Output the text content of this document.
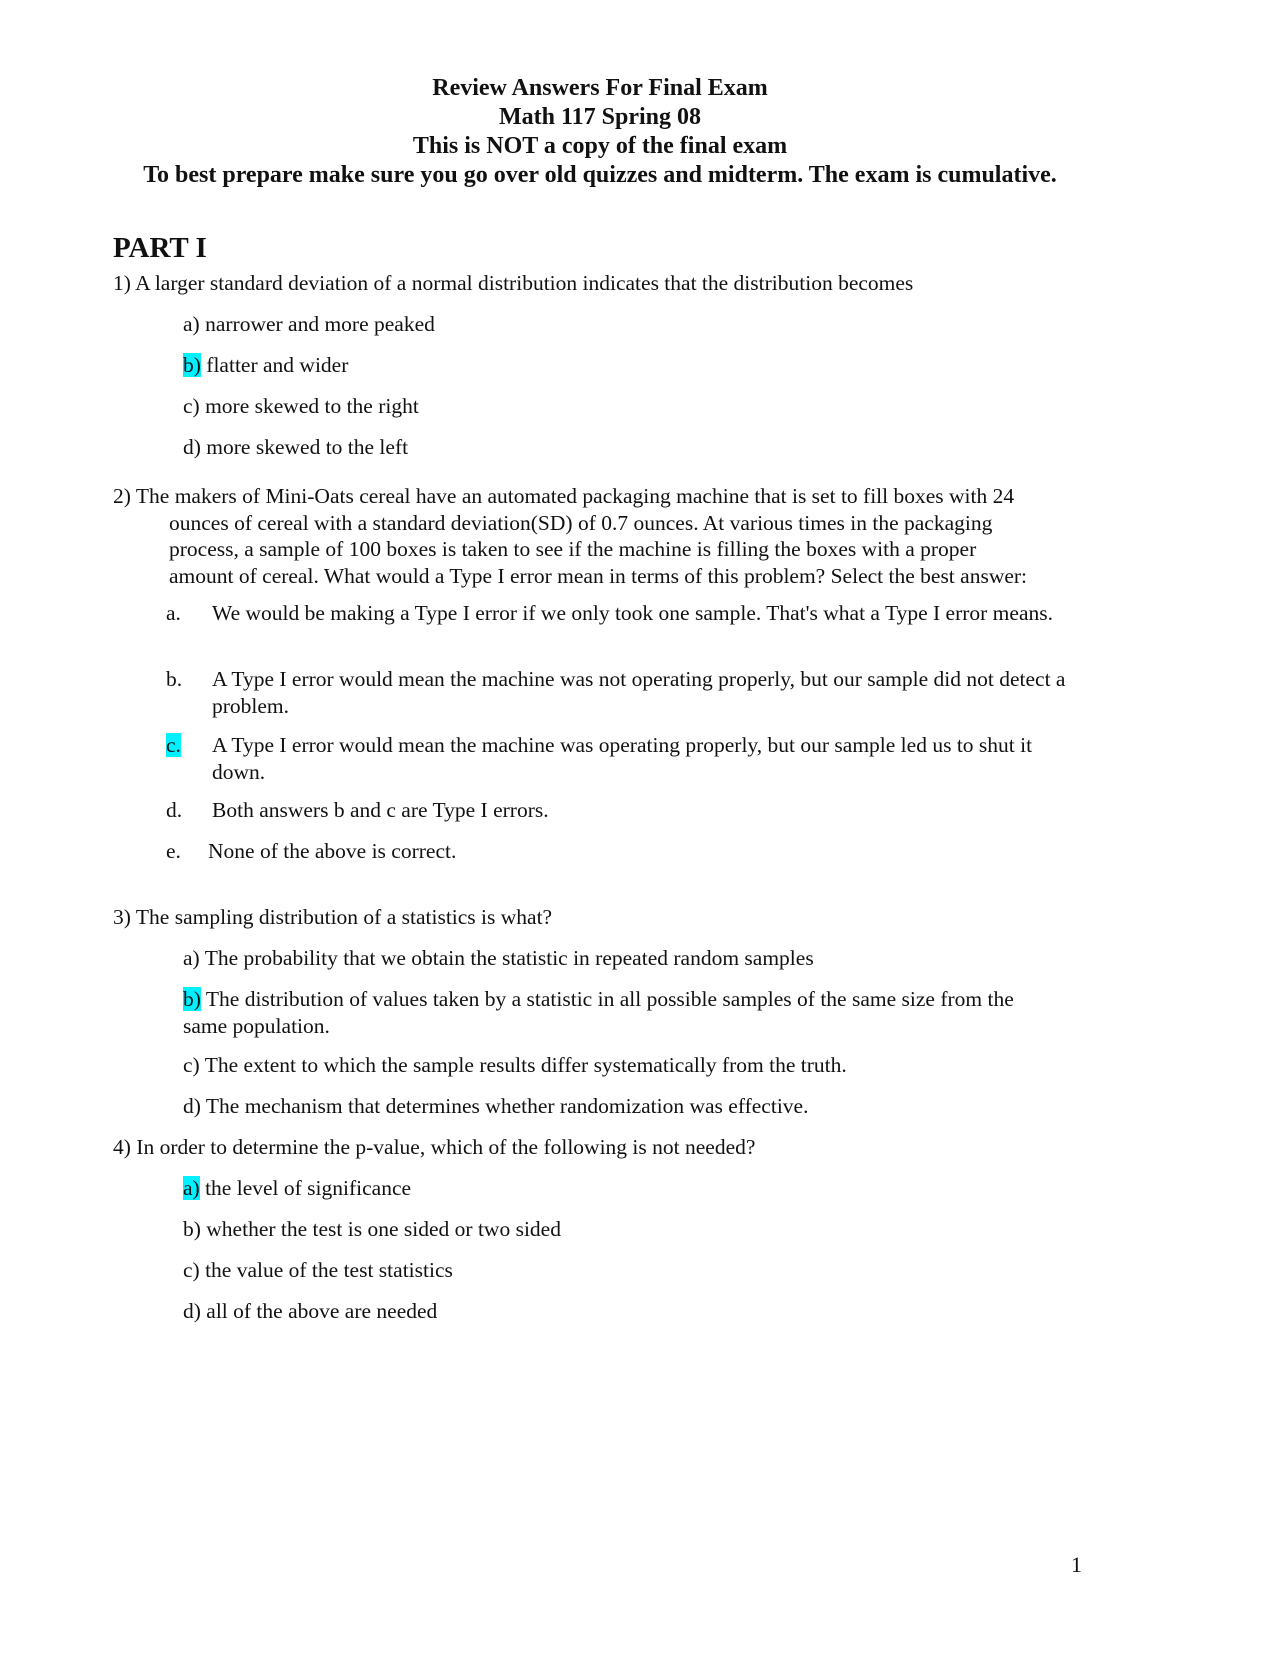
Review Answers For Final Exam
Math 117 Spring 08
This is NOT a copy of the final exam
To best prepare make sure you go over old quizzes and midterm. The exam is cumulative.
PART I
1) A larger standard deviation of a normal distribution indicates that the distribution becomes
a) narrower and more peaked
b) flatter and wider
c) more skewed to the right
d) more skewed to the left
2) The makers of Mini-Oats cereal have an automated packaging machine that is set to fill boxes with 24
ounces of cereal with a standard deviation(SD) of 0.7 ounces. At various times in the packaging
process, a sample of 100 boxes is taken to see if the machine is filling the boxes with a proper
amount of cereal. What would a Type I error mean in terms of this problem? Select the best answer:
a. We would be making a Type I error if we only took one sample. That's what a Type I error means.
b. A Type I error would mean the machine was not operating properly, but our sample did not detect a problem.
c. A Type I error would mean the machine was operating properly, but our sample led us to shut it down.
d. Both answers b and c are Type I errors.
e. None of the above is correct.
3) The sampling distribution of a statistics is what?
a) The probability that we obtain the statistic in repeated random samples
b) The distribution of values taken by a statistic in all possible samples of the same size from the
same population.
c) The extent to which the sample results differ systematically from the truth.
d) The mechanism that determines whether randomization was effective.
4) In order to determine the p-value, which of the following is not needed?
a) the level of significance
b) whether the test is one sided or two sided
c) the value of the test statistics
d) all of the above are needed
1
